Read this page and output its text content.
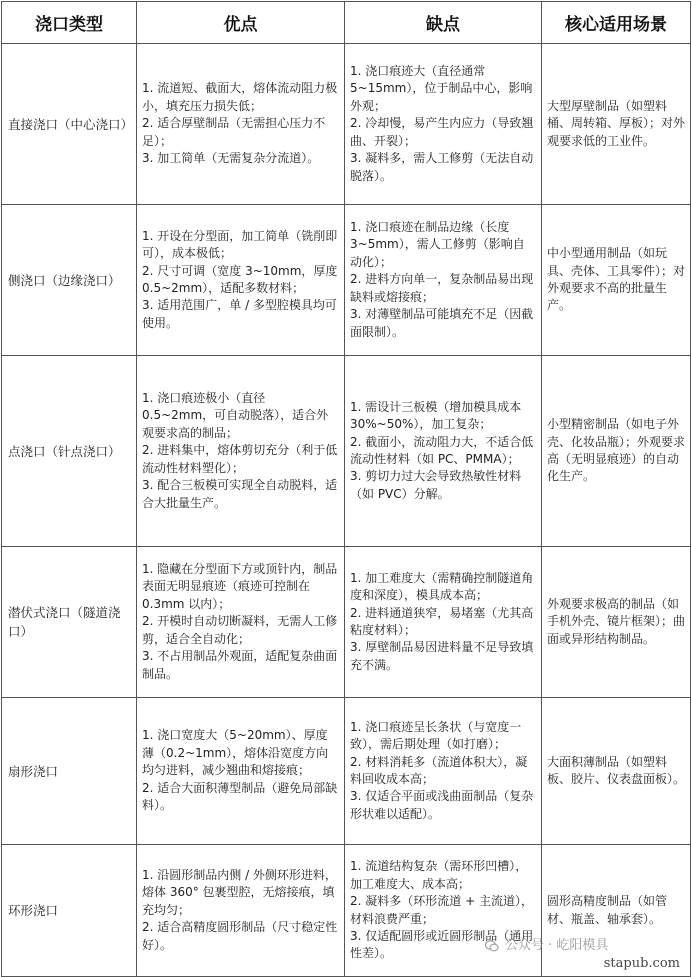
浇口类型	优点	缺点	核心适用场景
直接浇口（中心浇口）	1. 流道短、截面大，熔体流动阻力极小，填充压力损失低；
2. 适合厚壁制品（无需担心压力不足）；
3. 加工简单（无需复杂分流道）。	1. 浇口痕迹大（直径通常 5~15mm），位于制品中心，影响外观；
2. 冷却慢，易产生内应力（导致翘曲、开裂）；
3. 凝料多，需人工修剪（无法自动脱落）。	大型厚壁制品（如塑料桶、周转箱、厚板）；对外观要求低的工业件。
侧浇口（边缘浇口）	1. 开设在分型面，加工简单（铣削即可），成本极低；
2. 尺寸可调（宽度 3~10mm，厚度 0.5~2mm），适配多数材料；
3. 适用范围广，单 / 多型腔模具均可使用。	1. 浇口痕迹在制品边缘（长度 3~5mm），需人工修剪（影响自动化）；
2. 进料方向单一，复杂制品易出现缺料或熔接痕；
3. 对薄壁制品可能填充不足（因截面限制）。	中小型通用制品（如玩具、壳体、工具零件）；对外观要求不高的批量生产。
点浇口（针点浇口）	1. 浇口痕迹极小（直径 0.5~2mm，可自动脱落），适合外观要求高的制品；
2. 进料集中，熔体剪切充分（利于低流动性材料塑化）；
3. 配合三板模可实现全自动脱料，适合大批量生产。	1. 需设计三板模（增加模具成本 30%~50%），加工复杂；
2. 截面小，流动阻力大，不适合低流动性材料（如 PC、PMMA）；
3. 剪切力过大会导致热敏性材料（如 PVC）分解。	小型精密制品（如电子外壳、化妆品瓶）；外观要求高（无明显痕迹）的自动化生产。
潜伏式浇口（隧道浇口）	1. 隐藏在分型面下方或顶针内，制品表面无明显痕迹（痕迹可控制在 0.3mm 以内）；
2. 开模时自动切断凝料，无需人工修剪，适合全自动化；
3. 不占用制品外观面，适配复杂曲面制品。	1. 加工难度大（需精确控制隧道角度和深度），模具成本高；
2. 进料通道狭窄，易堵塞（尤其高粘度材料）；
3. 厚壁制品易因进料量不足导致填充不满。	外观要求极高的制品（如手机外壳、镜片框架）；曲面或异形结构制品。
扇形浇口	1. 浇口宽度大（5~20mm）、厚度薄（0.2~1mm），熔体沿宽度方向均匀进料，减少翘曲和熔接痕；
2. 适合大面积薄型制品（避免局部缺料）。	1. 浇口痕迹呈长条状（与宽度一致），需后期处理（如打磨）；
2. 材料消耗多（流道体积大），凝料回收成本高；
3. 仅适合平面或浅曲面制品（复杂形状难以适配）。	大面积薄制品（如塑料板、胶片、仪表盘面板）。
环形浇口	1. 沿圆形制品内侧 / 外侧环形进料，熔体 360° 包裹型腔，无熔接痕，填充均匀；
2. 适合高精度圆形制品（尺寸稳定性好）。	1. 流道结构复杂（需环形凹槽），加工难度大、成本高；
2. 凝料多（环形流道 + 主流道），材料浪费严重；
3. 仅适配圆形或近圆形制品（通用性差）。	圆形高精度制品（如管材、瓶盖、轴承套）。
公众号 · 屹阳模具
stapub.com
